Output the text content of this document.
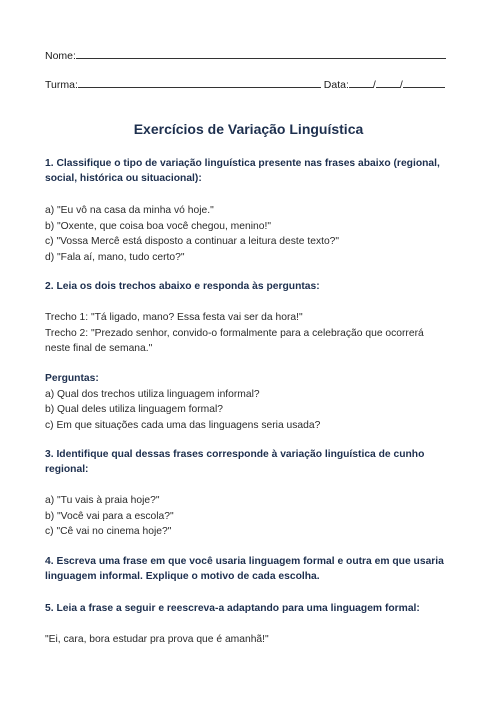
Nome:
Turma:	Data: / /
Exercícios de Variação Linguística
1. Classifique o tipo de variação linguística presente nas frases abaixo (regional,
social, histórica ou situacional):
a) "Eu vô na casa da minha vó hoje."
b) "Oxente, que coisa boa você chegou, menino!"
c) "Vossa Mercê está disposto a continuar a leitura deste texto?"
d) "Fala aí, mano, tudo certo?"
2. Leia os dois trechos abaixo e responda às perguntas:
Trecho 1: "Tá ligado, mano? Essa festa vai ser da hora!"
Trecho 2: "Prezado senhor, convido-o formalmente para a celebração que ocorrerá
neste final de semana."
Perguntas:
a) Qual dos trechos utiliza linguagem informal?
b) Qual deles utiliza linguagem formal?
c) Em que situações cada uma das linguagens seria usada?
3. Identifique qual dessas frases corresponde à variação linguística de cunho
regional:
a) "Tu vais à praia hoje?"
b) "Você vai para a escola?"
c) "Cê vai no cinema hoje?"
4. Escreva uma frase em que você usaria linguagem formal e outra em que usaria
linguagem informal. Explique o motivo de cada escolha.
5. Leia a frase a seguir e reescreva-a adaptando para uma linguagem formal:
"Ei, cara, bora estudar pra prova que é amanhã!"
